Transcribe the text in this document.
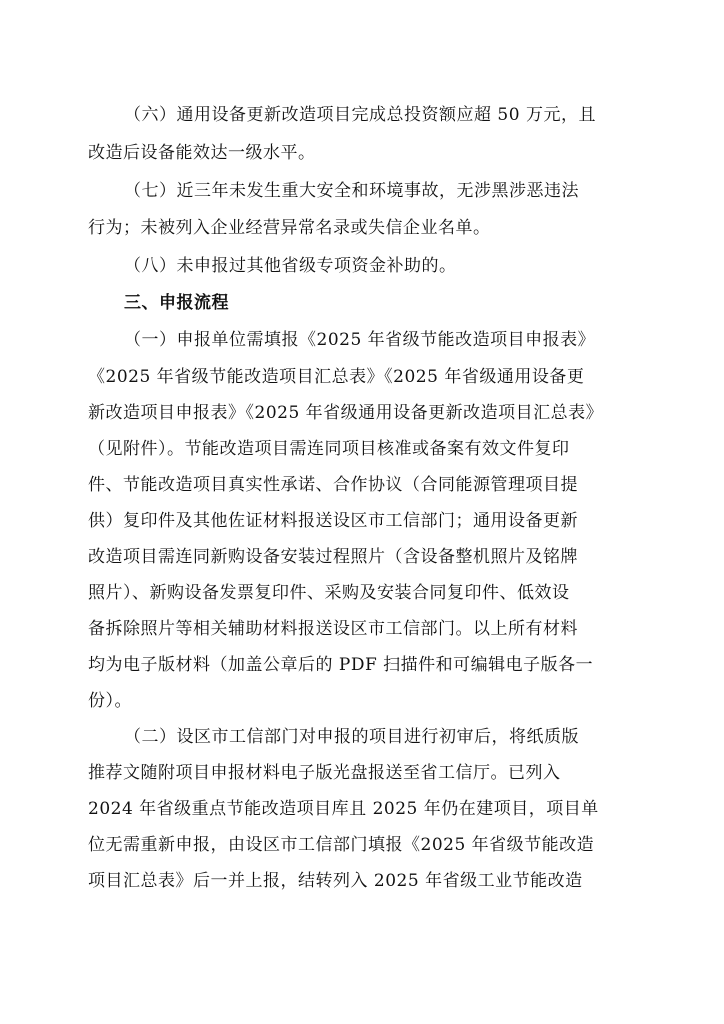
（六）通用设备更新改造项目完成总投资额应超 50 万元，且
改造后设备能效达一级水平。
（七）近三年未发生重大安全和环境事故，无涉黑涉恶违法
行为；未被列入企业经营异常名录或失信企业名单。
（八）未申报过其他省级专项资金补助的。
三、申报流程
（一）申报单位需填报《2025 年省级节能改造项目申报表》
《2025 年省级节能改造项目汇总表》《2025 年省级通用设备更
新改造项目申报表》《2025 年省级通用设备更新改造项目汇总表》
（见附件）。节能改造项目需连同项目核准或备案有效文件复印
件、节能改造项目真实性承诺、合作协议（合同能源管理项目提
供）复印件及其他佐证材料报送设区市工信部门；通用设备更新
改造项目需连同新购设备安装过程照片（含设备整机照片及铭牌
照片）、新购设备发票复印件、采购及安装合同复印件、低效设
备拆除照片等相关辅助材料报送设区市工信部门。以上所有材料
均为电子版材料（加盖公章后的 PDF 扫描件和可编辑电子版各一
份）。
（二）设区市工信部门对申报的项目进行初审后，将纸质版
推荐文随附项目申报材料电子版光盘报送至省工信厅。已列入
2024 年省级重点节能改造项目库且 2025 年仍在建项目，项目单
位无需重新申报，由设区市工信部门填报《2025 年省级节能改造
项目汇总表》后一并上报，结转列入 2025 年省级工业节能改造
